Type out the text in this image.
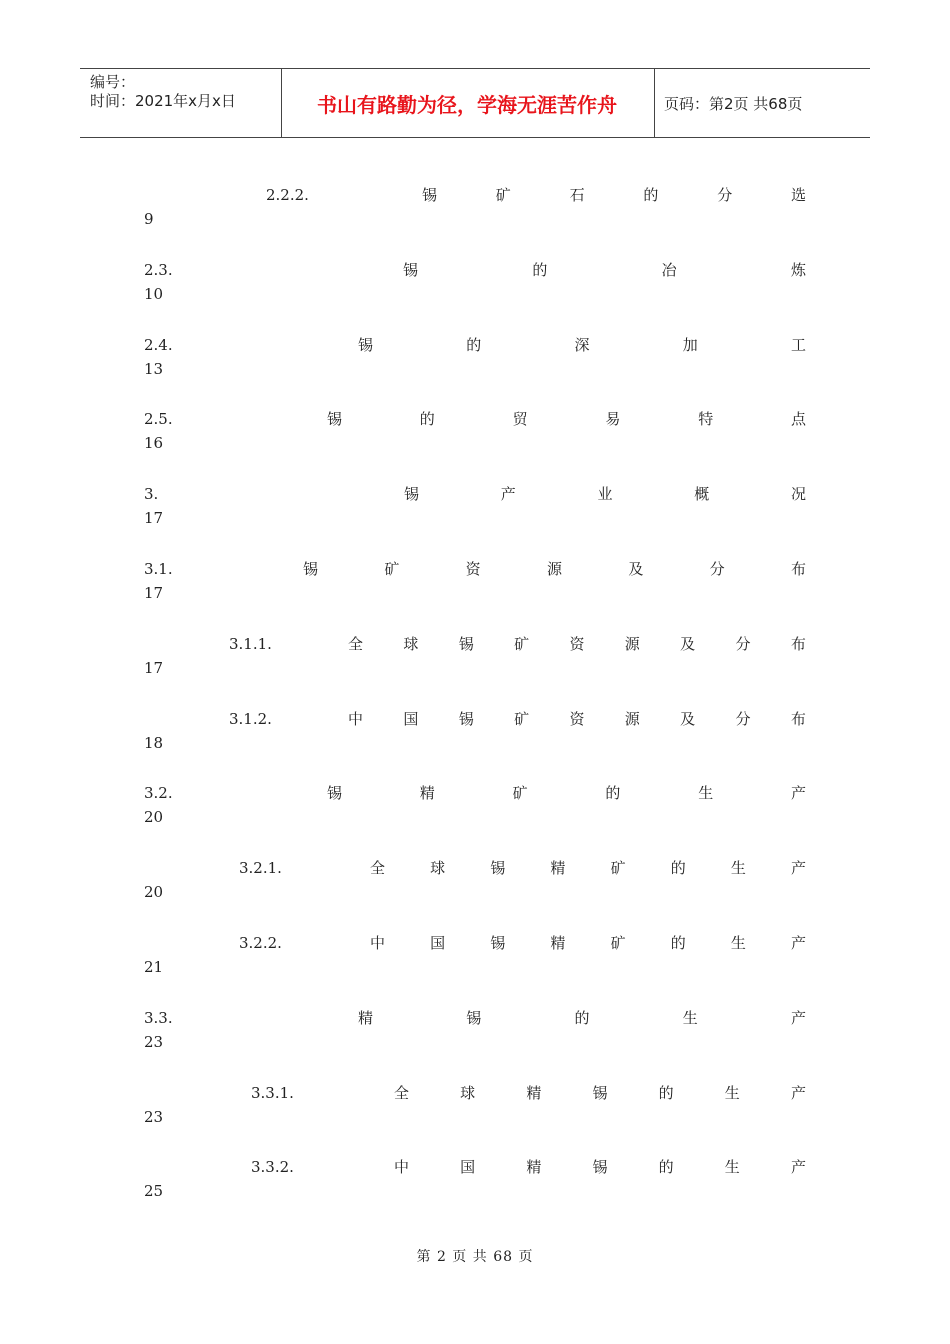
编号：
时间：2021年x月x日	书山有路勤为径，学海无涯苦作舟	页码：第2页 共68页
2.2.2.	锡	矿	石	的	分	选
9
2.3.	锡	的	冶	炼
10
2.4.	锡	的	深	加	工
13
2.5.	锡	的	贸	易	特	点
16
3.	锡	产	业	概	况
17
3.1.	锡	矿	资	源	及	分	布
17
3.1.1.	全	球	锡	矿	资	源	及	分	布
17
3.1.2.	中	国	锡	矿	资	源	及	分	布
18
3.2.	锡	精	矿	的	生	产
20
3.2.1.	全	球	锡	精	矿	的	生	产
20
3.2.2.	中	国	锡	精	矿	的	生	产
21
3.3.	精	锡	的	生	产
23
3.3.1.	全	球	精	锡	的	生	产
23
3.3.2.	中	国	精	锡	的	生	产
25
第 2 页 共 68 页
